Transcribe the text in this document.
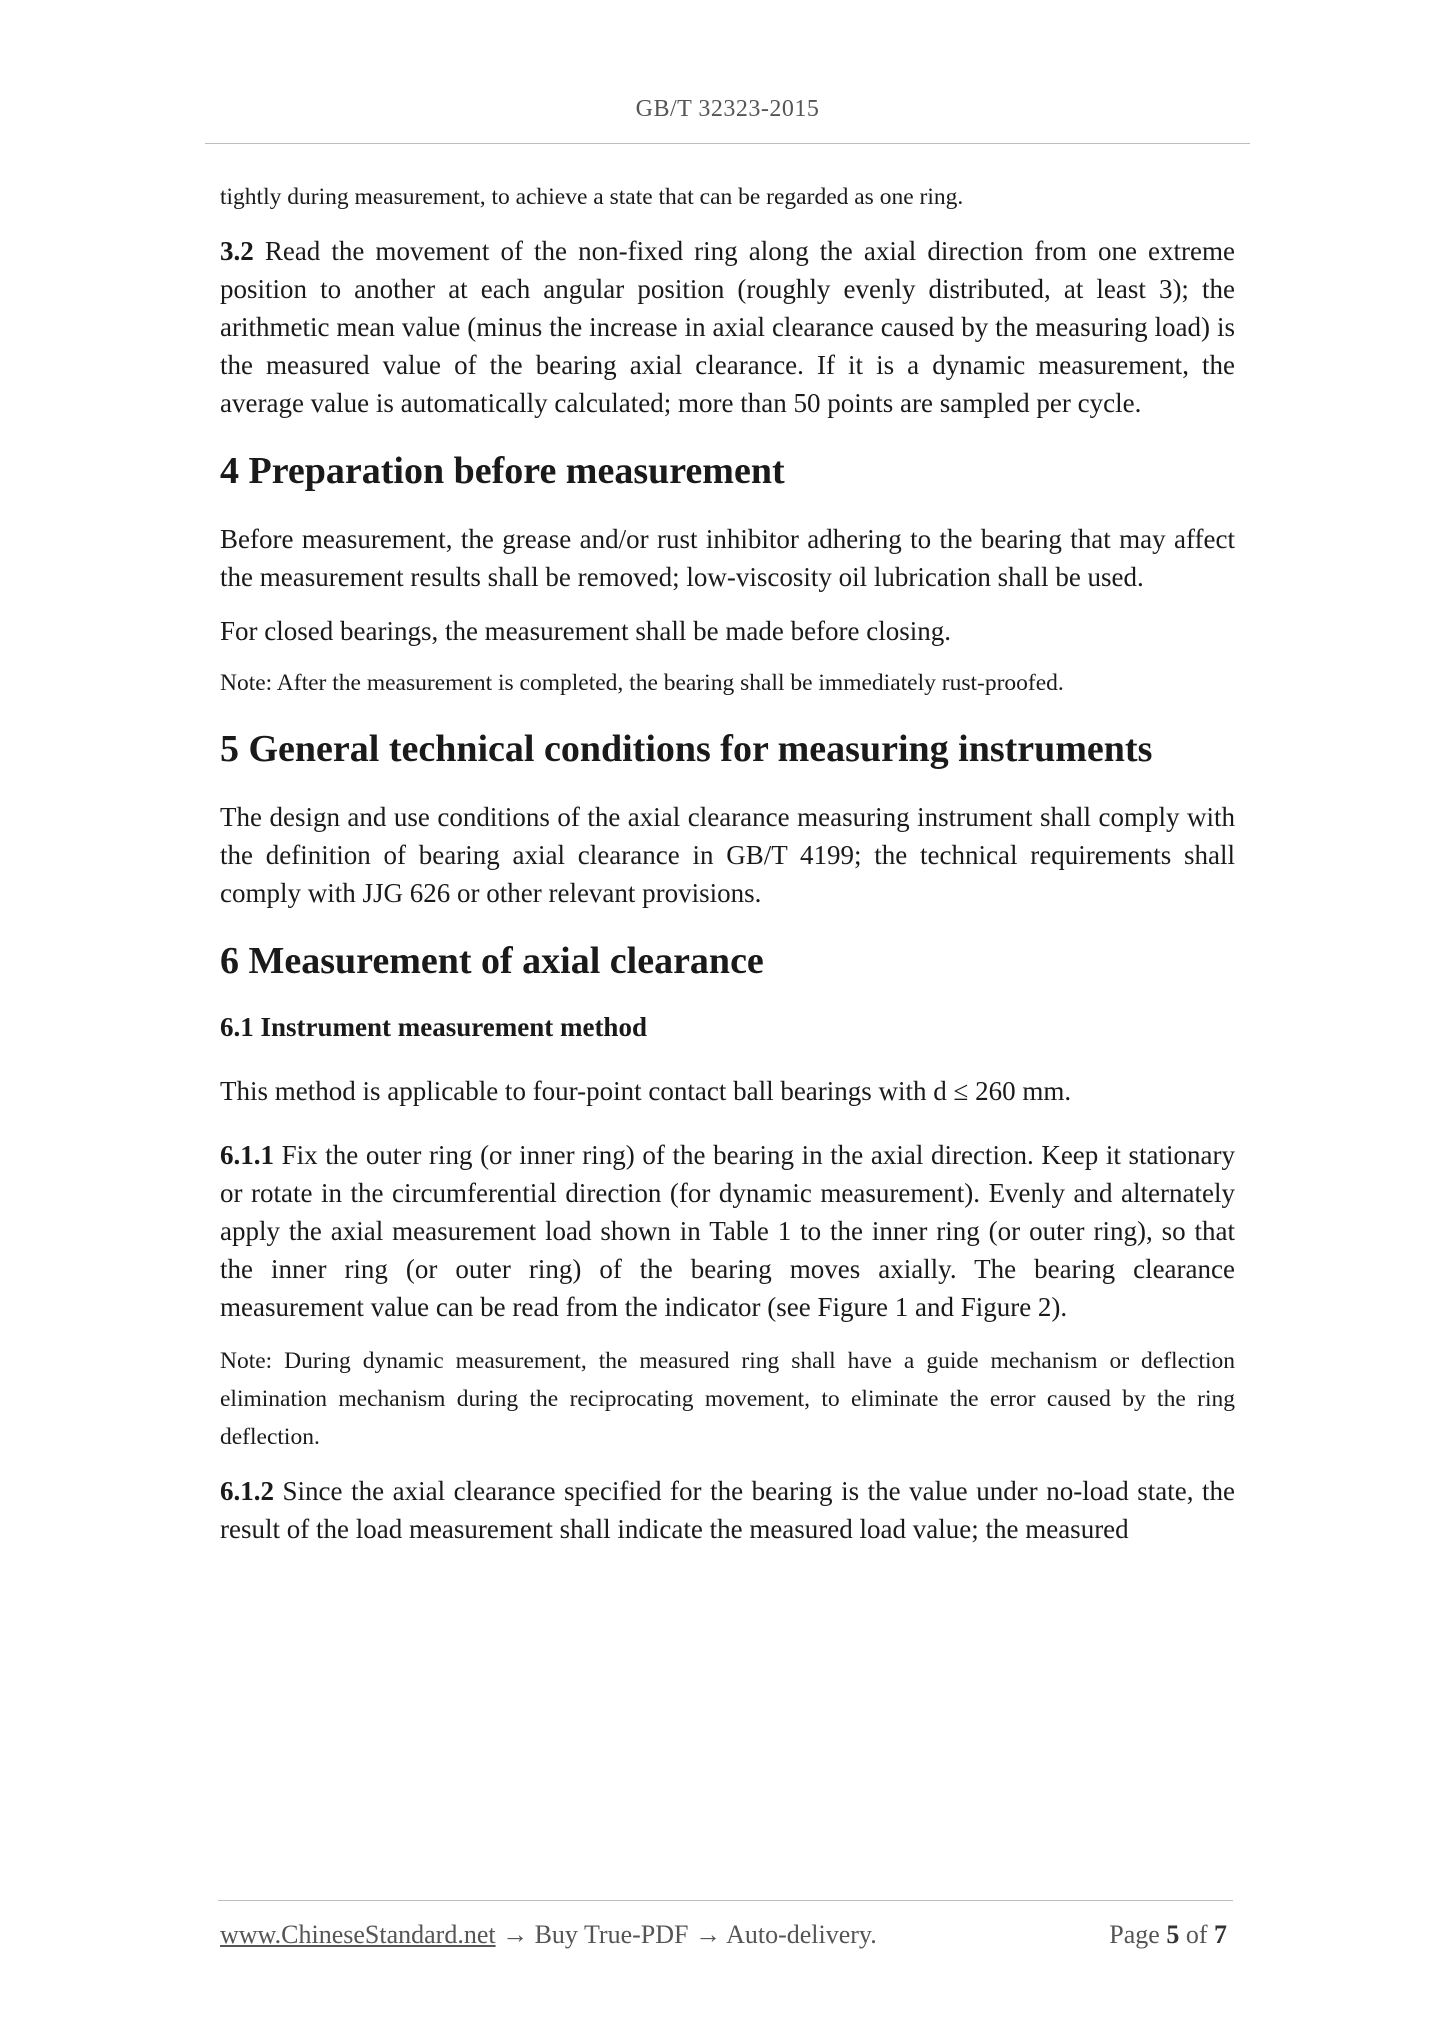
GB/T 32323-2015

tightly during measurement, to achieve a state that can be regarded as one ring.

3.2 Read the movement of the non-fixed ring along the axial direction from one extreme position to another at each angular position (roughly evenly distributed, at least 3); the arithmetic mean value (minus the increase in axial clearance caused by the measuring load) is the measured value of the bearing axial clearance. If it is a dynamic measurement, the average value is automatically calculated; more than 50 points are sampled per cycle.

4 Preparation before measurement

Before measurement, the grease and/or rust inhibitor adhering to the bearing that may affect the measurement results shall be removed; low-viscosity oil lubrication shall be used.

For closed bearings, the measurement shall be made before closing.

Note: After the measurement is completed, the bearing shall be immediately rust-proofed.

5 General technical conditions for measuring instruments

The design and use conditions of the axial clearance measuring instrument shall comply with the definition of bearing axial clearance in GB/T 4199; the technical requirements shall comply with JJG 626 or other relevant provisions.

6 Measurement of axial clearance
6.1 Instrument measurement method

This method is applicable to four-point contact ball bearings with d ≤ 260 mm.

6.1.1 Fix the outer ring (or inner ring) of the bearing in the axial direction. Keep it stationary or rotate in the circumferential direction (for dynamic measurement). Evenly and alternately apply the axial measurement load shown in Table 1 to the inner ring (or outer ring), so that the inner ring (or outer ring) of the bearing moves axially. The bearing clearance measurement value can be read from the indicator (see Figure 1 and Figure 2).

Note: During dynamic measurement, the measured ring shall have a guide mechanism or deflection elimination mechanism during the reciprocating movement, to eliminate the error caused by the ring deflection.

6.1.2 Since the axial clearance specified for the bearing is the value under no-load state, the result of the load measurement shall indicate the measured load value; the measured

www.ChineseStandard.net → Buy True-PDF → Auto-delivery.	Page 5 of 7
